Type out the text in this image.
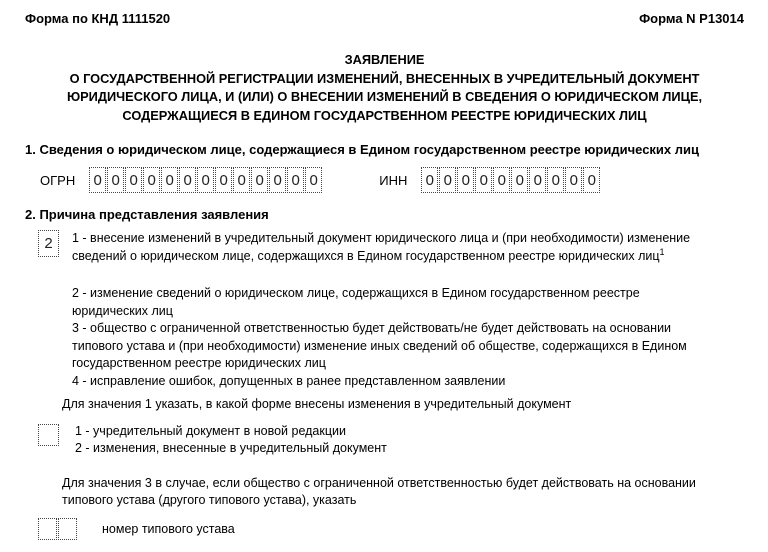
Форма по КНД 1111520	Форма N Р13014
ЗАЯВЛЕНИЕ
О ГОСУДАРСТВЕННОЙ РЕГИСТРАЦИИ ИЗМЕНЕНИЙ, ВНЕСЕННЫХ В УЧРЕДИТЕЛЬНЫЙ ДОКУМЕНТ
ЮРИДИЧЕСКОГО ЛИЦА, И (ИЛИ) О ВНЕСЕНИИ ИЗМЕНЕНИЙ В СВЕДЕНИЯ О ЮРИДИЧЕСКОМ ЛИЦЕ,
СОДЕРЖАЩИЕСЯ В ЕДИНОМ ГОСУДАРСТВЕННОМ РЕЕСТРЕ ЮРИДИЧЕСКИХ ЛИЦ
1. Сведения о юридическом лице, содержащиеся в Едином государственном реестре юридических лиц
ОГРН 0 0 0 0 0 0 0 0 0 0 0 0 0	ИНН 0 0 0 0 0 0 0 0 0 0
2. Причина представления заявления
2	1 - внесение изменений в учредительный документ юридического лица и (при необходимости) изменение
сведений о юридическом лице, содержащихся в Едином государственном реестре юридических лиц$^1$
2 - изменение сведений о юридическом лице, содержащихся в Едином государственном реестре
юридических лиц
3 - общество с ограниченной ответственностью будет действовать/не будет действовать на основании
типового устава и (при необходимости) изменение иных сведений об обществе, содержащихся в Едином
государственном реестре юридических лиц
4 - исправление ошибок, допущенных в ранее представленном заявлении
Для значения 1 указать, в какой форме внесены изменения в учредительный документ
1 - учредительный документ в новой редакции
2 - изменения, внесенные в учредительный документ
Для значения 3 в случае, если общество с ограниченной ответственностью будет действовать на основании
типового устава (другого типового устава), указать
номер типового устава
